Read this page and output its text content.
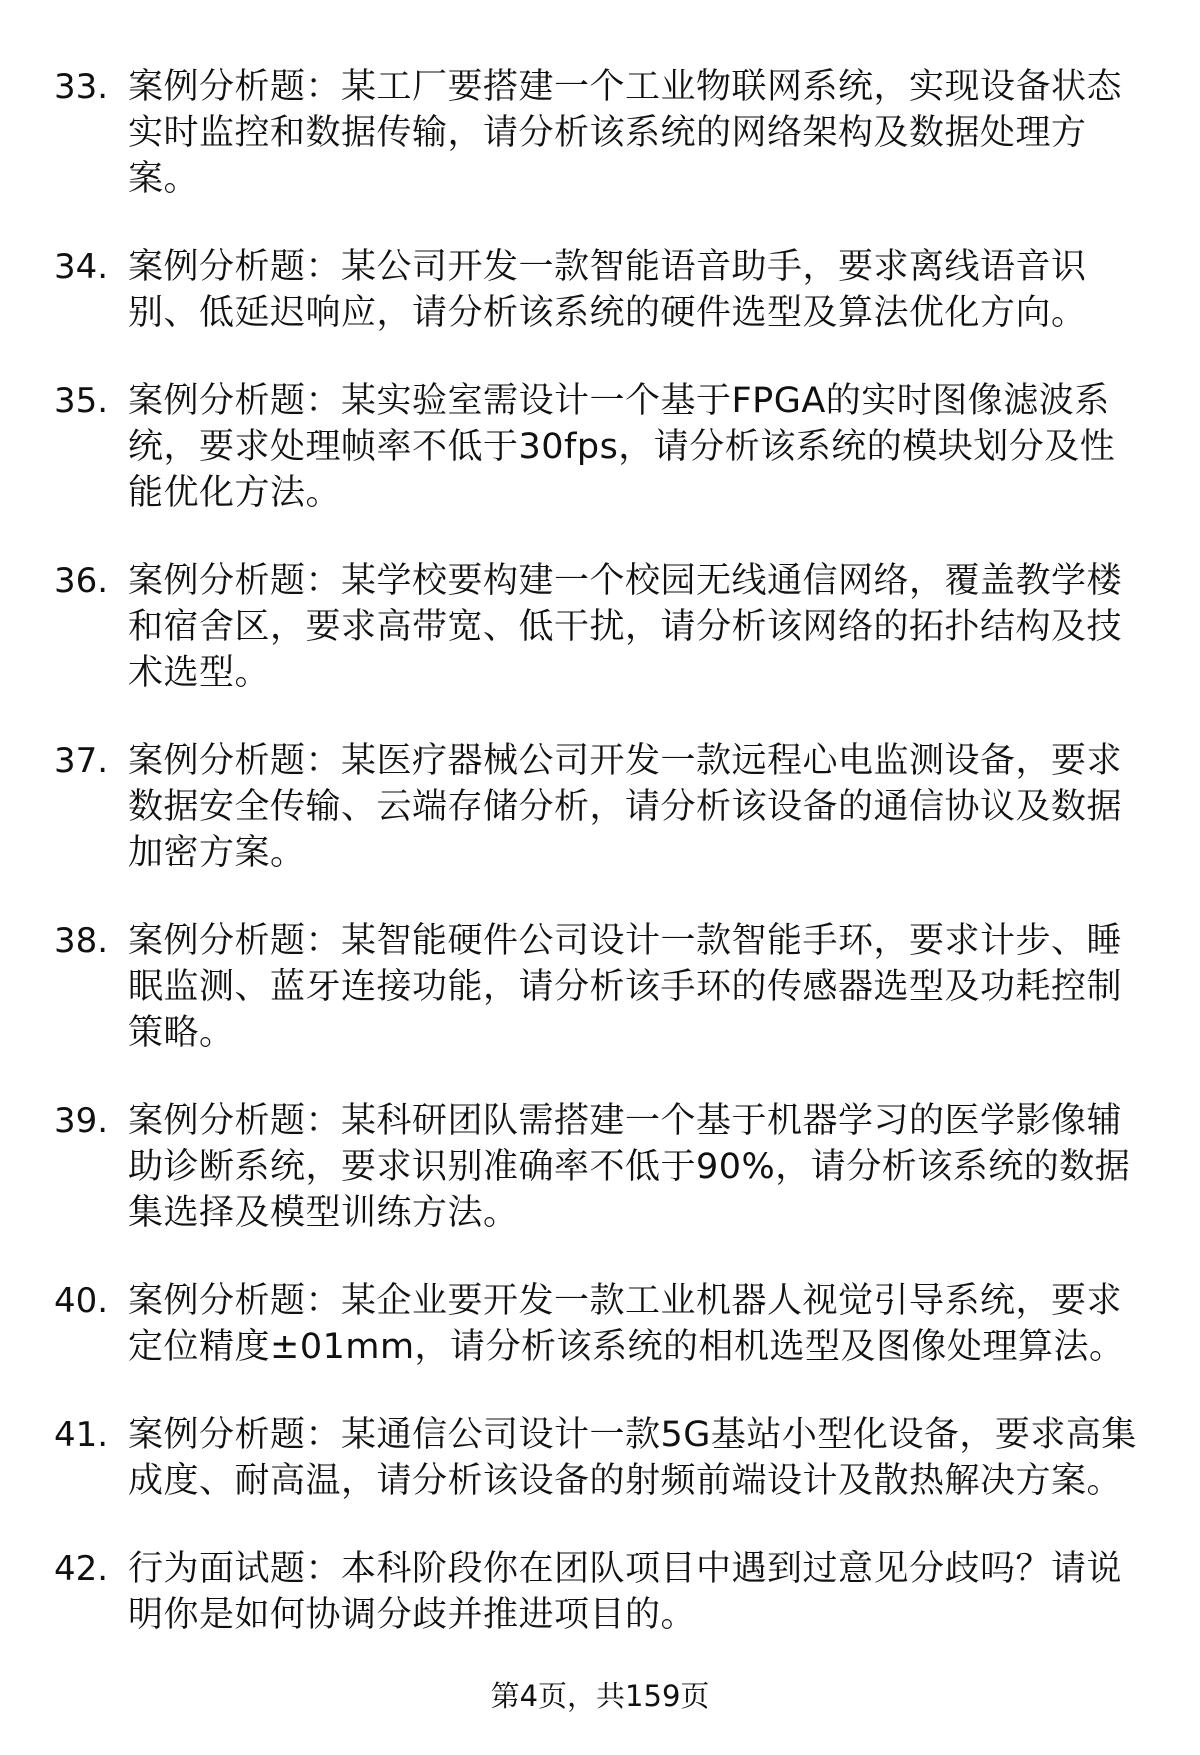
33. 案例分析题：某工厂要搭建一个工业物联网系统，实现设备状态
实时监控和数据传输，请分析该系统的网络架构及数据处理方
案。
34. 案例分析题：某公司开发一款智能语音助手，要求离线语音识
别、低延迟响应，请分析该系统的硬件选型及算法优化方向。
35. 案例分析题：某实验室需设计一个基于FPGA的实时图像滤波系
统，要求处理帧率不低于30fps，请分析该系统的模块划分及性
能优化方法。
36. 案例分析题：某学校要构建一个校园无线通信网络，覆盖教学楼
和宿舍区，要求高带宽、低干扰，请分析该网络的拓扑结构及技
术选型。
37. 案例分析题：某医疗器械公司开发一款远程心电监测设备，要求
数据安全传输、云端存储分析，请分析该设备的通信协议及数据
加密方案。
38. 案例分析题：某智能硬件公司设计一款智能手环，要求计步、睡
眠监测、蓝牙连接功能，请分析该手环的传感器选型及功耗控制
策略。
39. 案例分析题：某科研团队需搭建一个基于机器学习的医学影像辅
助诊断系统，要求识别准确率不低于90%，请分析该系统的数据
集选择及模型训练方法。
40. 案例分析题：某企业要开发一款工业机器人视觉引导系统，要求
定位精度±01mm，请分析该系统的相机选型及图像处理算法。
41. 案例分析题：某通信公司设计一款5G基站小型化设备，要求高集
成度、耐高温，请分析该设备的射频前端设计及散热解决方案。
42. 行为面试题：本科阶段你在团队项目中遇到过意见分歧吗？请说
明你是如何协调分歧并推进项目的。
第4页，共159页
